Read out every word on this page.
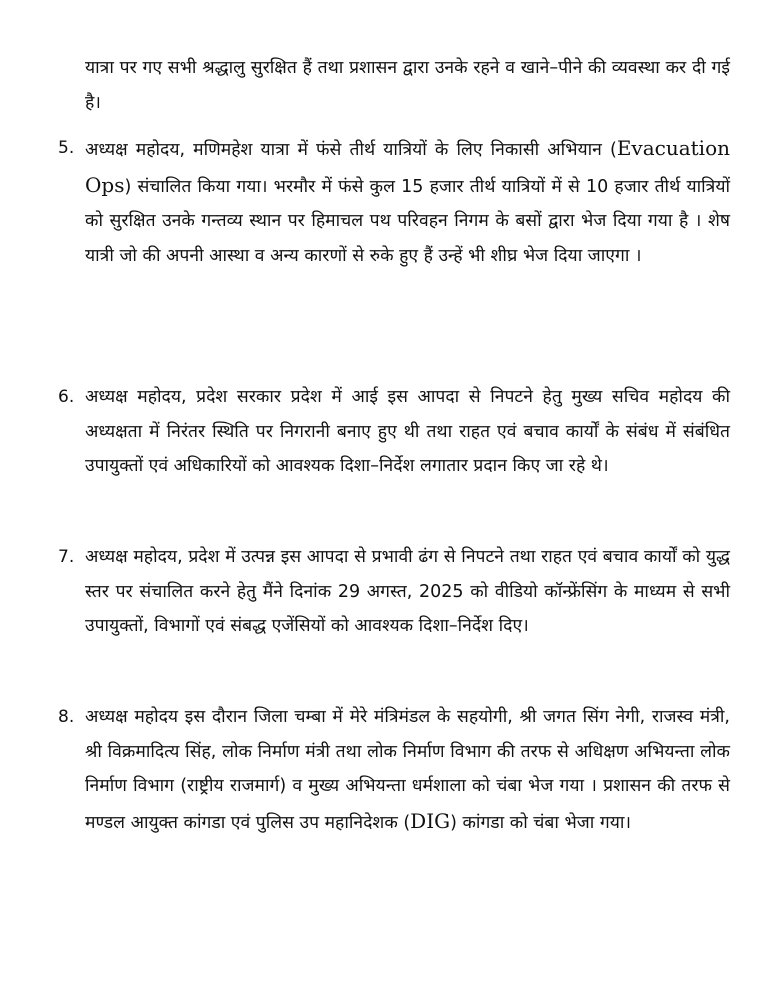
यात्रा पर गए सभी श्रद्धालु सुरक्षित हैं तथा प्रशासन द्वारा उनके रहने व खाने–पीने की व्यवस्था कर दी गई है।
5. अध्यक्ष महोदय, मणिमहेश यात्रा में फंसे तीर्थ यात्रियों के लिए निकासी अभियान (Evacuation Ops) संचालित किया गया। भरमौर में फंसे कुल 15 हजार तीर्थ यात्रियों में से 10 हजार तीर्थ यात्रियों को सुरक्षित उनके गन्तव्य स्थान पर हिमाचल पथ परिवहन निगम के बसों द्वारा भेज दिया गया है । शेष यात्री जो की अपनी आस्था व अन्य कारणों से रुके हुए हैं उन्हें भी शीघ्र भेज दिया जाएगा ।
6. अध्यक्ष महोदय, प्रदेश सरकार प्रदेश में आई इस आपदा से निपटने हेतु मुख्य सचिव महोदय की अध्यक्षता में निरंतर स्थिति पर निगरानी बनाए हुए थी तथा राहत एवं बचाव कार्यों के संबंध में संबंधित उपायुक्तों एवं अधिकारियों को आवश्यक दिशा–निर्देश लगातार प्रदान किए जा रहे थे।
7. अध्यक्ष महोदय, प्रदेश में उत्पन्न इस आपदा से प्रभावी ढंग से निपटने तथा राहत एवं बचाव कार्यों को युद्ध स्तर पर संचालित करने हेतु मैंने दिनांक 29 अगस्त, 2025 को वीडियो कॉन्फ्रेंसिंग के माध्यम से सभी उपायुक्तों, विभागों एवं संबद्ध एजेंसियों को आवश्यक दिशा–निर्देश दिए।
8. अध्यक्ष महोदय इस दौरान जिला चम्बा में मेरे मंत्रिमंडल के सहयोगी, श्री जगत सिंग नेगी, राजस्व मंत्री, श्री विक्रमादित्य सिंह, लोक निर्माण मंत्री तथा लोक निर्माण विभाग की तरफ से अधिक्षण अभियन्ता लोक निर्माण विभाग (राष्ट्रीय राजमार्ग) व मुख्य अभियन्ता धर्मशाला को चंबा भेज गया । प्रशासन की तरफ से मण्डल आयुक्त कांगडा एवं पुलिस उप महानिदेशक (DIG) कांगडा को चंबा भेजा गया।
